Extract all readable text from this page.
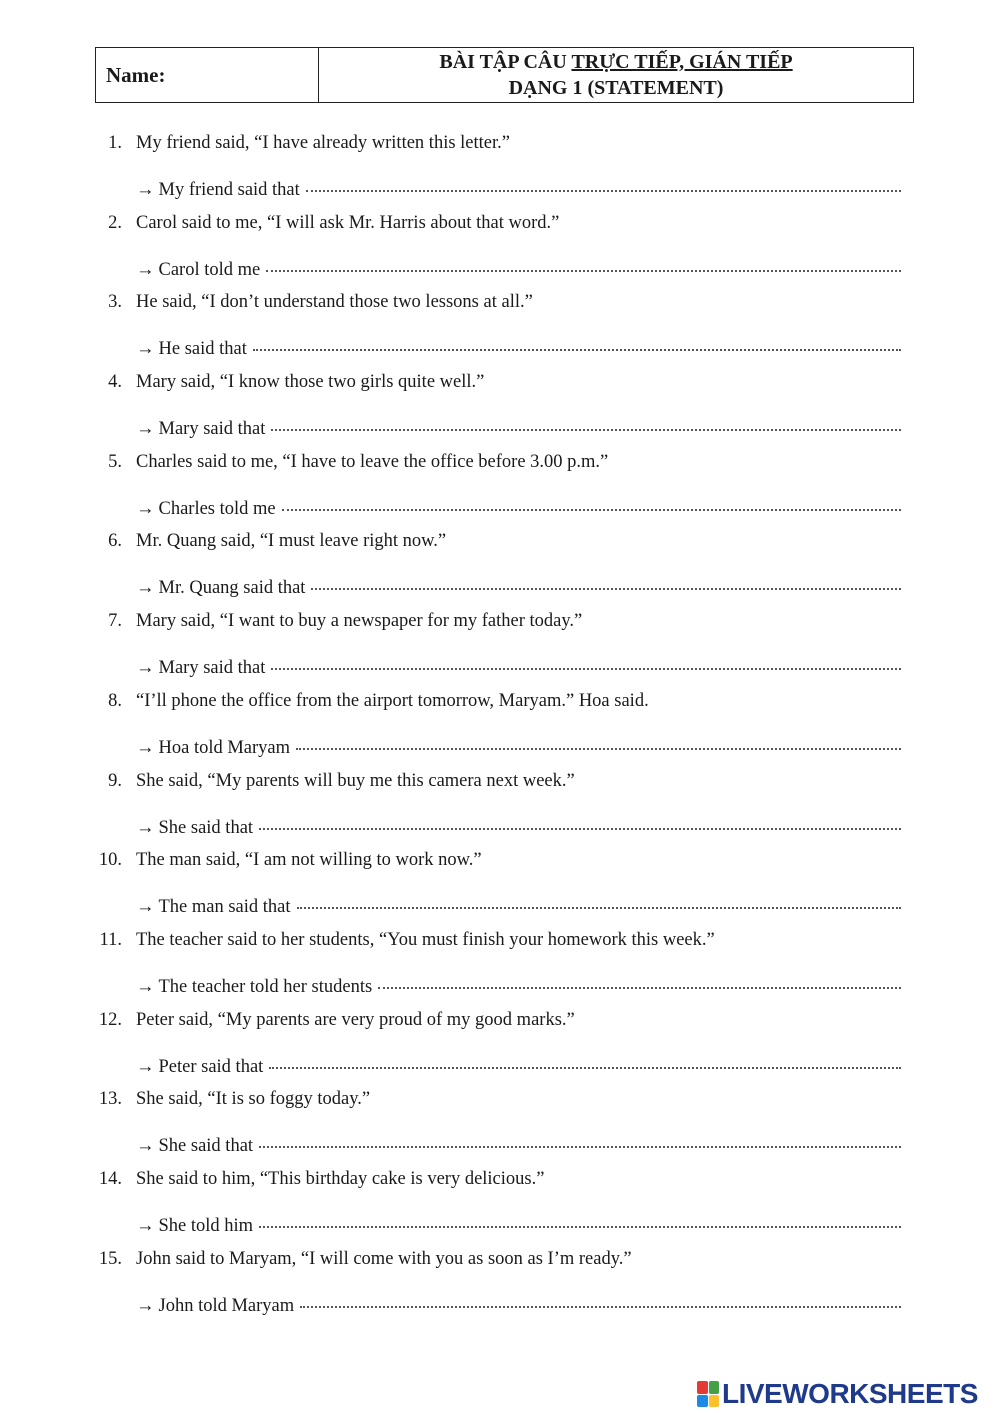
Name:
BÀI TẬP CÂU TRỰC TIẾP, GIÁN TIẾP
DẠNG 1 (STATEMENT)
1. My friend said, “I have already written this letter.”
→ My friend said that
2. Carol said to me, “I will ask Mr. Harris about that word.”
→ Carol told me
3. He said, “I don’t understand those two lessons at all.”
→ He said that
4. Mary said, “I know those two girls quite well.”
→ Mary said that
5. Charles said to me, “I have to leave the office before 3.00 p.m.”
→ Charles told me
6. Mr. Quang said, “I must leave right now.”
→ Mr. Quang said that
7. Mary said, “I want to buy a newspaper for my father today.”
→ Mary said that
8. “I’ll phone the office from the airport tomorrow, Maryam.” Hoa said.
→ Hoa told Maryam
9. She said, “My parents will buy me this camera next week.”
→ She said that
10. The man said, “I am not willing to work now.”
→ The man said that
11. The teacher said to her students, “You must finish your homework this week.”
→ The teacher told her students
12. Peter said, “My parents are very proud of my good marks.”
→ Peter said that
13. She said, “It is so foggy today.”
→ She said that
14. She said to him, “This birthday cake is very delicious.”
→ She told him
15. John said to Maryam, “I will come with you as soon as I’m ready.”
→ John told Maryam
LIVEWORKSHEETS
